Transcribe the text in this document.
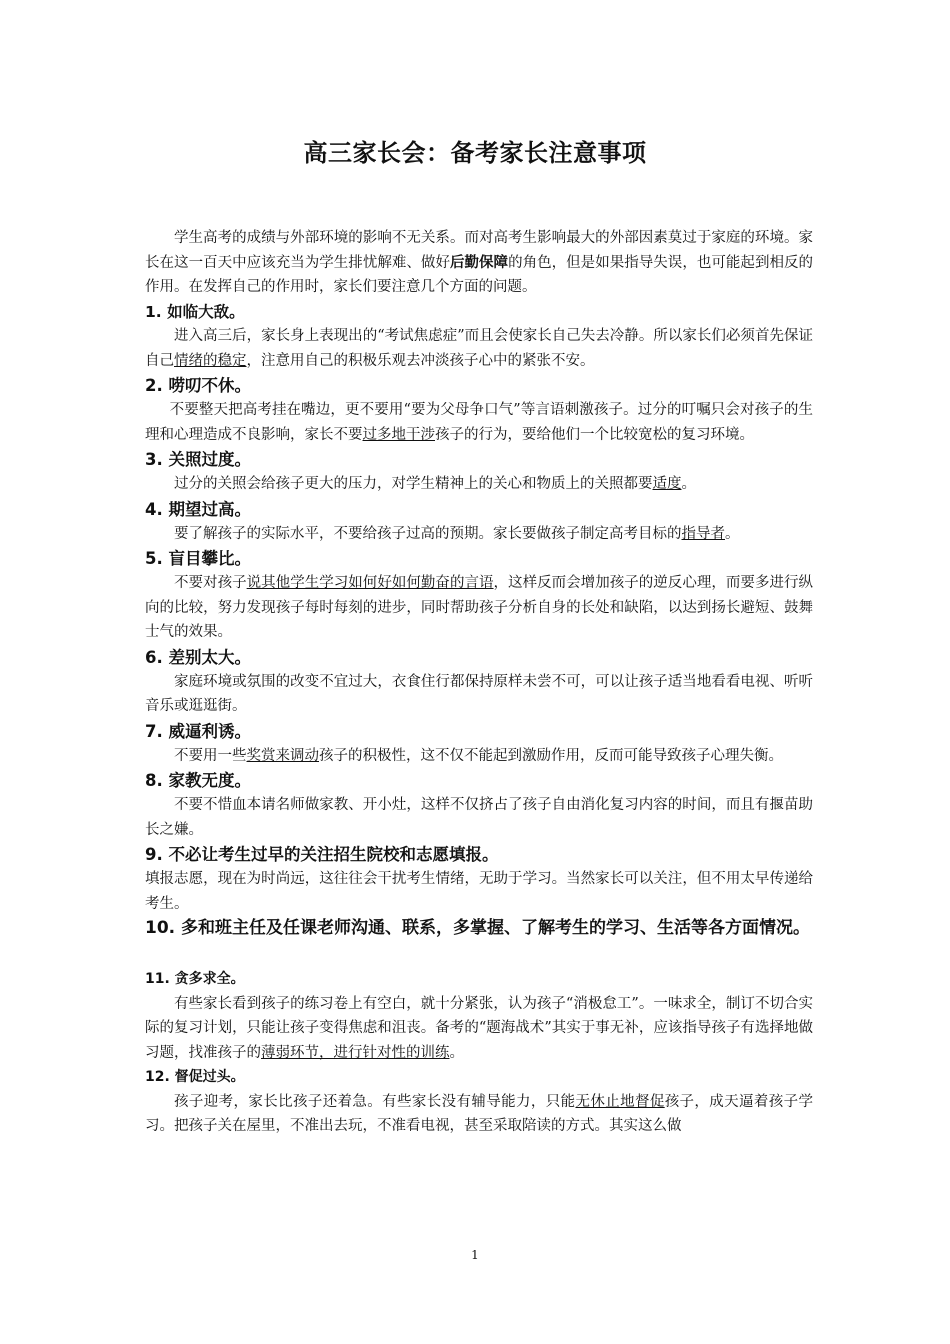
高三家长会：备考家长注意事项

学生高考的成绩与外部环境的影响不无关系。而对高考生影响最大的外部因素莫过于家庭的环境。家长在这一百天中应该充当为学生排忧解难、做好后勤保障的角色，但是如果指导失误，也可能起到相反的作用。在发挥自己的作用时，家长们要注意几个方面的问题。

1. 如临大敌。

进入高三后，家长身上表现出的“考试焦虑症”而且会使家长自己失去冷静。所以家长们必须首先保证自己情绪的稳定，注意用自己的积极乐观去冲淡孩子心中的紧张不安。

2. 唠叨不休。

不要整天把高考挂在嘴边，更不要用“要为父母争口气”等言语刺激孩子。过分的叮嘱只会对孩子的生理和心理造成不良影响，家长不要过多地干涉孩子的行为，要给他们一个比较宽松的复习环境。

3. 关照过度。

过分的关照会给孩子更大的压力，对学生精神上的关心和物质上的关照都要适度。

4. 期望过高。

要了解孩子的实际水平，不要给孩子过高的预期。家长要做孩子制定高考目标的指导者。

5. 盲目攀比。

不要对孩子说其他学生学习如何好如何勤奋的言语，这样反而会增加孩子的逆反心理，而要多进行纵向的比较，努力发现孩子每时每刻的进步，同时帮助孩子分析自身的长处和缺陷，以达到扬长避短、鼓舞士气的效果。

6. 差别太大。

家庭环境或氛围的改变不宜过大，衣食住行都保持原样未尝不可，可以让孩子适当地看看电视、听听音乐或逛逛街。

7. 威逼利诱。

不要用一些奖赏来调动孩子的积极性，这不仅不能起到激励作用，反而可能导致孩子心理失衡。

8. 家教无度。

不要不惜血本请名师做家教、开小灶，这样不仅挤占了孩子自由消化复习内容的时间，而且有揠苗助长之嫌。

9. 不必让考生过早的关注招生院校和志愿填报。

填报志愿，现在为时尚远，这往往会干扰考生情绪，无助于学习。当然家长可以关注，但不用太早传递给考生。

10. 多和班主任及任课老师沟通、联系，多掌握、了解考生的学习、生活等各方面情况。
11. 贪多求全。

有些家长看到孩子的练习卷上有空白，就十分紧张，认为孩子“消极怠工”。一味求全，制订不切合实际的复习计划，只能让孩子变得焦虑和沮丧。备考的“题海战术”其实于事无补，应该指导孩子有选择地做习题，找准孩子的薄弱环节，进行针对性的训练。

12. 督促过头。

孩子迎考，家长比孩子还着急。有些家长没有辅导能力，只能无休止地督促孩子，成天逼着孩子学习。把孩子关在屋里，不准出去玩，不准看电视，甚至采取陪读的方式。其实这么做

1
